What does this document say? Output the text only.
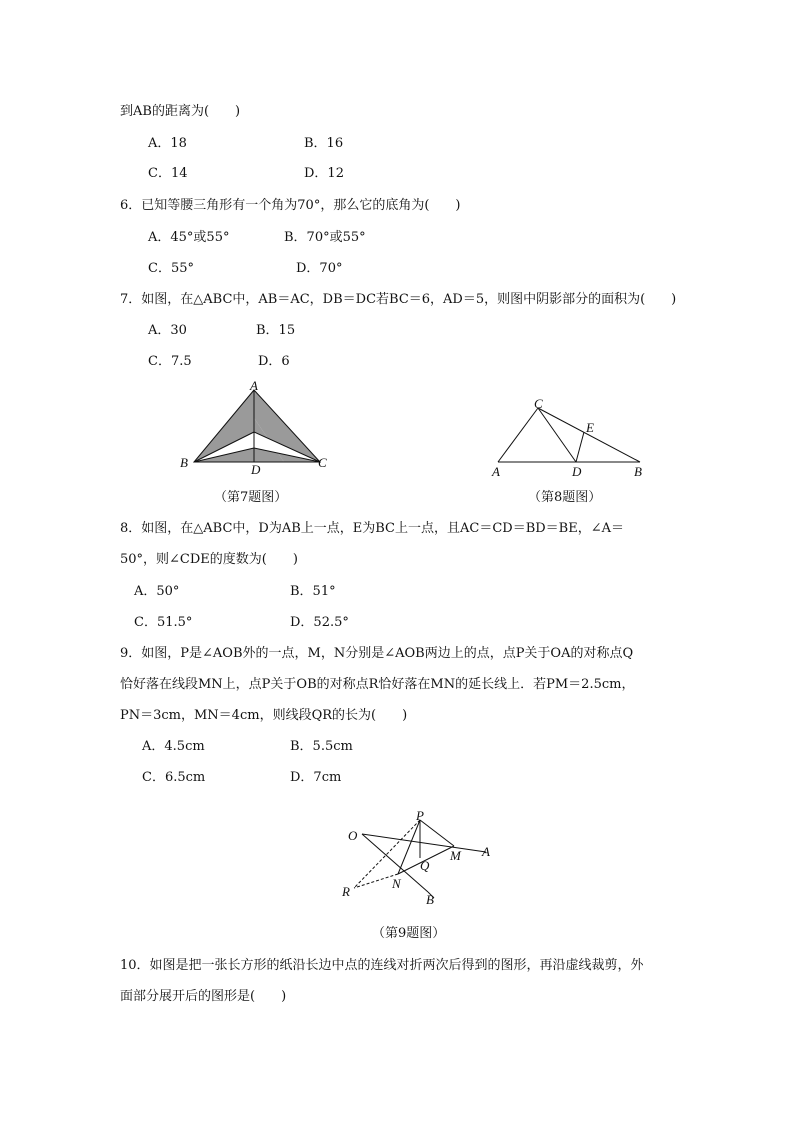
到AB的距离为(　　)
A．18	B．16
C．14	D．12
6．已知等腰三角形有一个角为70°，那么它的底角为(　　)
A．45°或55°	B．70°或55°
C．55°	D．70°
7．如图，在△ABC中，AB＝AC，DB＝DC若BC＝6，AD＝5，则图中阴影部分的面积为(　　)
A．30	B．15
C．7.5	D．6
A
B	C
D
（第7题图）
C
E
A	D	B
（第8题图）
8．如图，在△ABC中，D为AB上一点，E为BC上一点，且AC＝CD＝BD＝BE，∠A＝
50°，则∠CDE的度数为(　　)
A．50°	B．51°
C．51.5°	D．52.5°
9．如图，P是∠AOB外的一点，M，N分别是∠AOB两边上的点，点P关于OA的对称点Q
恰好落在线段MN上，点P关于OB的对称点R恰好落在MN的延长线上．若PM＝2.5cm，
PN＝3cm，MN＝4cm，则线段QR的长为(　　)
A．4.5cm	B．5.5cm
C．6.5cm	D．7cm
O
P
Q
M A
N
B
R
（第9题图）
10．如图是把一张长方形的纸沿长边中点的连线对折两次后得到的图形，再沿虚线裁剪，外
面部分展开后的图形是(　　)
